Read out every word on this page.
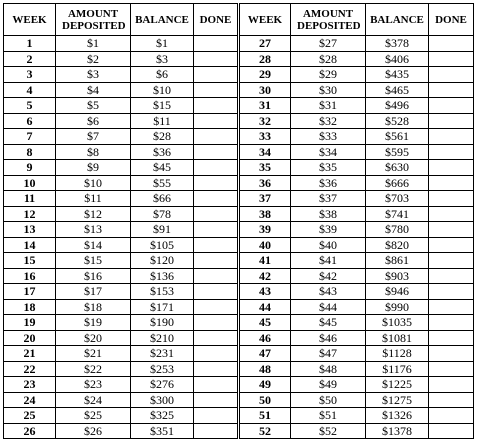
WEEK	AMOUNT DEPOSITED	BALANCE	DONE	WEEK	AMOUNT DEPOSITED	BALANCE	DONE
1	$1	$1		27	$27	$378	
2	$2	$3		28	$28	$406	
3	$3	$6		29	$29	$435	
4	$4	$10		30	$30	$465	
5	$5	$15		31	$31	$496	
6	$6	$11		32	$32	$528	
7	$7	$28		33	$33	$561	
8	$8	$36		34	$34	$595	
9	$9	$45		35	$35	$630	
10	$10	$55		36	$36	$666	
11	$11	$66		37	$37	$703	
12	$12	$78		38	$38	$741	
13	$13	$91		39	$39	$780	
14	$14	$105		40	$40	$820	
15	$15	$120		41	$41	$861	
16	$16	$136		42	$42	$903	
17	$17	$153		43	$43	$946	
18	$18	$171		44	$44	$990	
19	$19	$190		45	$45	$1035	
20	$20	$210		46	$46	$1081	
21	$21	$231		47	$47	$1128	
22	$22	$253		48	$48	$1176	
23	$23	$276		49	$49	$1225	
24	$24	$300		50	$50	$1275	
25	$25	$325		51	$51	$1326	
26	$26	$351		52	$52	$1378	
